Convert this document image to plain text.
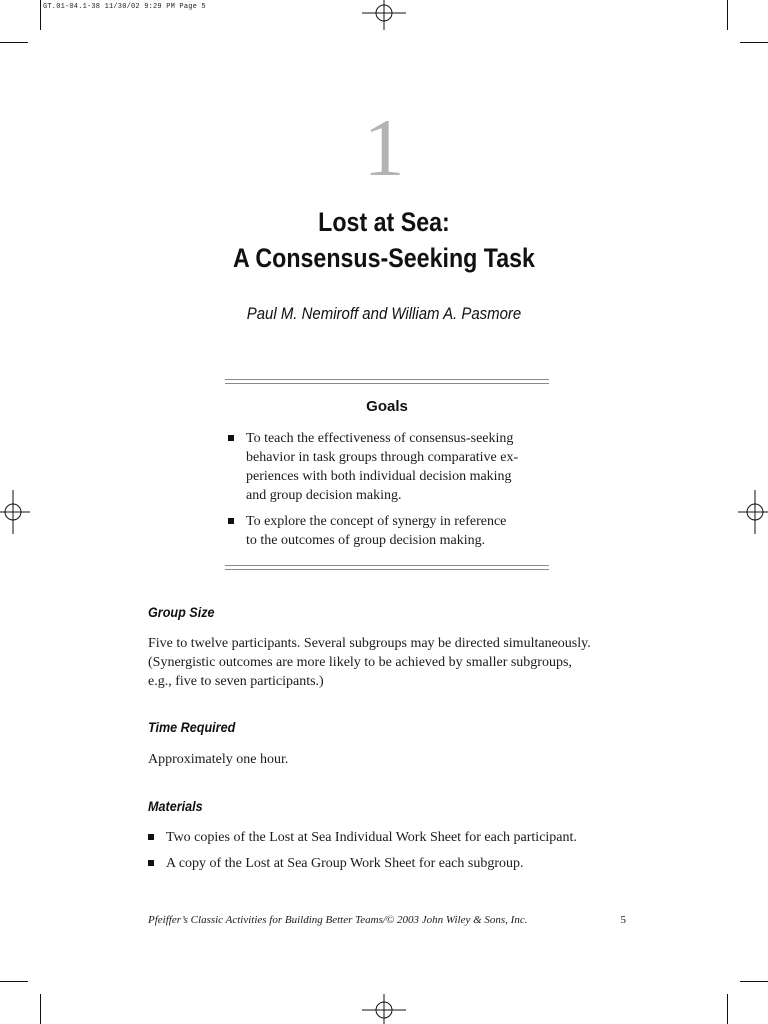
GT.01-04.1-38 11/30/02 9:29 PM Page 5
1
Lost at Sea:
A Consensus-Seeking Task
Paul M. Nemiroff and William A. Pasmore
Goals
To teach the effectiveness of consensus-seeking
behavior in task groups through comparative ex-
periences with both individual decision making
and group decision making.
To explore the concept of synergy in reference
to the outcomes of group decision making.
Group Size
Five to twelve participants. Several subgroups may be directed simultaneously.
(Synergistic outcomes are more likely to be achieved by smaller subgroups,
e.g., five to seven participants.)
Time Required
Approximately one hour.
Materials
Two copies of the Lost at Sea Individual Work Sheet for each participant.
A copy of the Lost at Sea Group Work Sheet for each subgroup.
Pfeiffer’s Classic Activities for Building Better Teams/© 2003 John Wiley & Sons, Inc.	5
